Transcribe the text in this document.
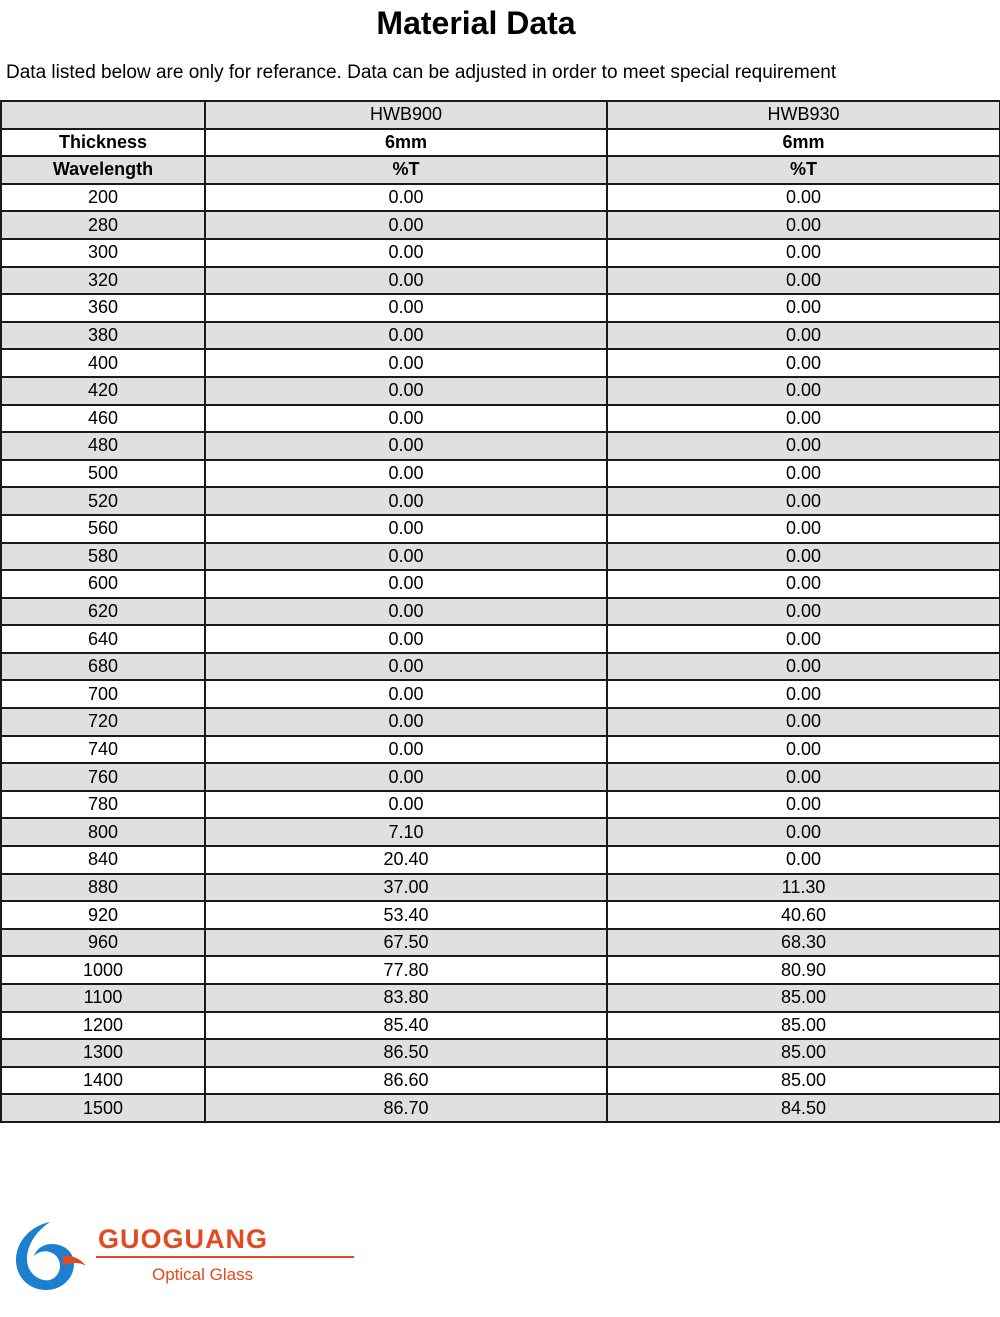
Material Data
Data listed below are only for referance. Data can be adjusted in order to meet special requirement
	HWB900	HWB930
Thickness	6mm	6mm
Wavelength	%T	%T
200	0.00	0.00
280	0.00	0.00
300	0.00	0.00
320	0.00	0.00
360	0.00	0.00
380	0.00	0.00
400	0.00	0.00
420	0.00	0.00
460	0.00	0.00
480	0.00	0.00
500	0.00	0.00
520	0.00	0.00
560	0.00	0.00
580	0.00	0.00
600	0.00	0.00
620	0.00	0.00
640	0.00	0.00
680	0.00	0.00
700	0.00	0.00
720	0.00	0.00
740	0.00	0.00
760	0.00	0.00
780	0.00	0.00
800	7.10	0.00
840	20.40	0.00
880	37.00	11.30
920	53.40	40.60
960	67.50	68.30
1000	77.80	80.90
1100	83.80	85.00
1200	85.40	85.00
1300	86.50	85.00
1400	86.60	85.00
1500	86.70	84.50
GUOGUANG
Optical Glass
